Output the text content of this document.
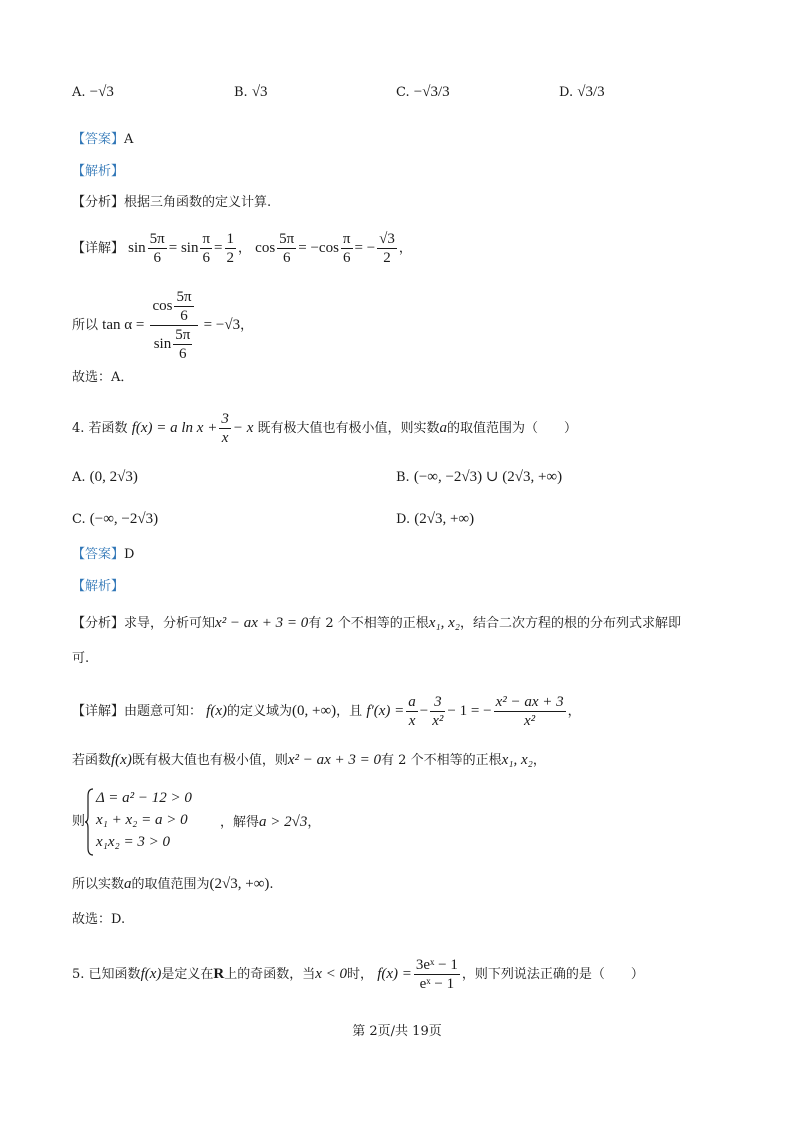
A. −√3	B. √3	C. −√3/3	D. √3/3
【答案】A
【解析】
【分析】根据三角函数的定义计算.
【详解】 $\sin \frac{5\pi}{6} = \sin \frac{\pi}{6} = \frac{1}{2}$ ， $\cos \frac{5\pi}{6} = -\cos \frac{\pi}{6}$ = − $\frac{√3}{2}$ ，
所以 $\tan \alpha = \frac{\cos \frac{5\pi}{6}}{\sin \frac{5\pi}{6}} = -√3$，
故选：A．
4. 若函数 f(x) = a $\ln x + \frac{3}{x} - x$ 既有极大值也有极小值，则实数a的取值范围为（　　）
A. (0, 2√3)	B. (−∞, −2√3) ∪ (2√3, +∞)
C. (−∞, −2√3)	D. (2√3, +∞)
【答案】D
【解析】
【分析】求导，分析可知x² − ax + 3 = 0有 2 个不相等的正根x₁, x₂，结合二次方程的根的分布列式求解即
可.
【详解】由题意可知： f(x)的定义域为(0, +∞)，且 $f'(x) = \frac{a}{x} - \frac{3}{\text{x²}} - 1$ = − $\frac{\text{x² − ax + 3}}{\text{x²}}$ ，
若函数f(x)既有极大值也有极小值，则x² − ax + 3 = 0有 2 个不相等的正根x₁, x₂，
则
Δ = a² − 12 > 0
x₁ + x₂ = a > 0
x₁x₂ = 3 > 0
，解得a > 2√3，
所以实数a的取值范围为(2√3, +∞).
故选：D.
5. 已知函数f(x)是定义在R上的奇函数，当x < 0时， $f(x) = \frac{\text{3eˣ − 1}}{\text{eˣ − 1}}$ ，则下列说法正确的是（　　）
第 2页/共 19页
